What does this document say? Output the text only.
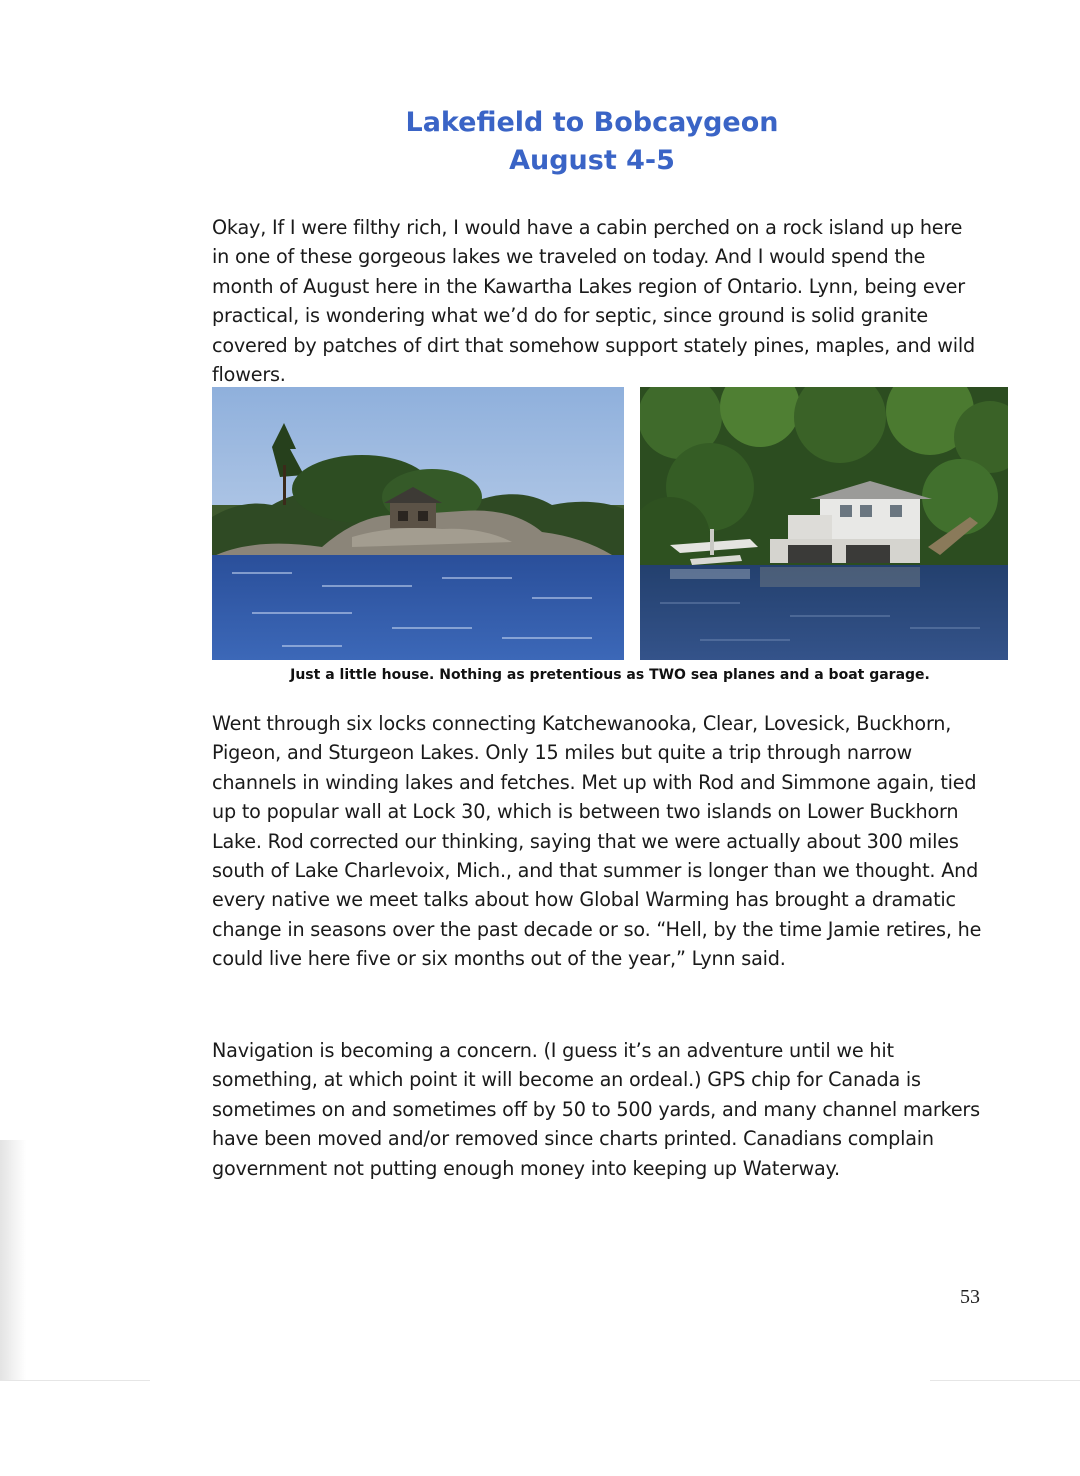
Lakefield to Bobcaygeon
August 4-5

Okay, If I were filthy rich, I would have a cabin perched on a rock island up here in one of these gorgeous lakes we traveled on today. And I would spend the month of August here in the Kawartha Lakes region of Ontario. Lynn, being ever practical, is wondering what we’d do for septic, since ground is solid granite covered by patches of dirt that somehow support stately pines, maples, and wild flowers.

Just a little house. Nothing as pretentious as TWO sea planes and a boat garage.

Went through six locks connecting Katchewanooka, Clear, Lovesick, Buckhorn, Pigeon, and Sturgeon Lakes. Only 15 miles but quite a trip through narrow channels in winding lakes and fetches. Met up with Rod and Simmone again, tied up to popular wall at Lock 30, which is between two islands on Lower Buckhorn Lake. Rod corrected our thinking, saying that we were actually about 300 miles south of Lake Charlevoix, Mich., and that summer is longer than we thought. And every native we meet talks about how Global Warming has brought a dramatic change in seasons over the past decade or so. “Hell, by the time Jamie retires, he could live here five or six months out of the year,” Lynn said.

Navigation is becoming a concern. (I guess it’s an adventure until we hit something, at which point it will become an ordeal.) GPS chip for Canada is sometimes on and sometimes off by 50 to 500 yards, and many channel markers have been moved and/or removed since charts printed. Canadians complain government not putting enough money into keeping up Waterway.

53
